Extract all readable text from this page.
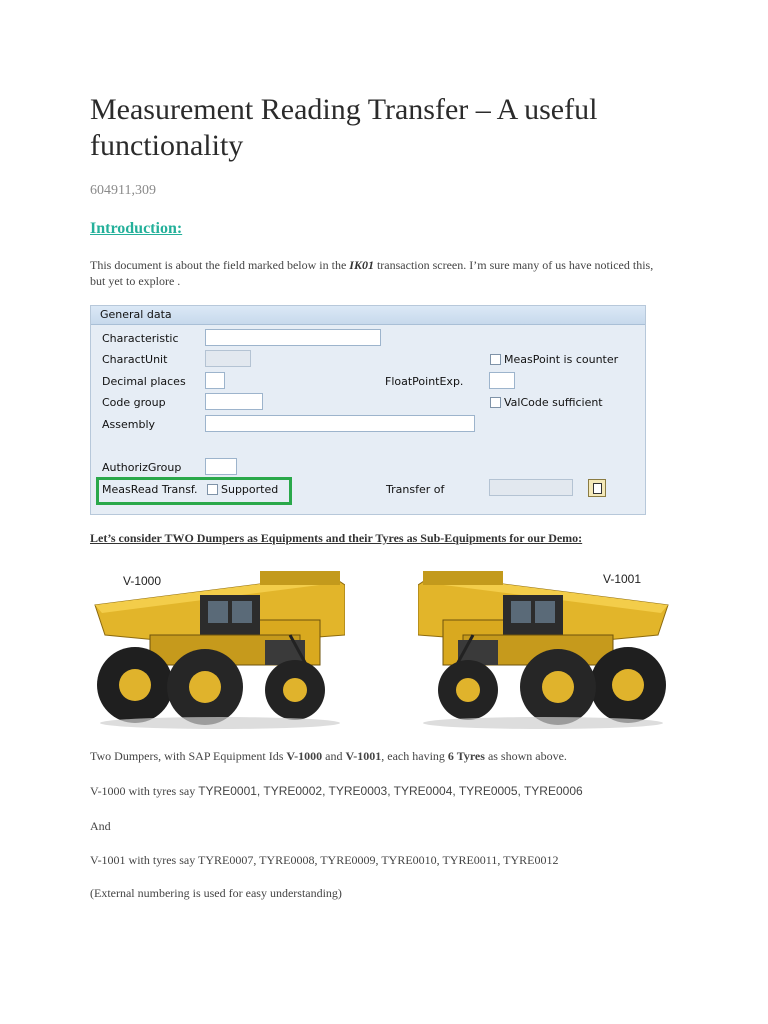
Measurement Reading Transfer – A useful functionality
604911,309
Introduction:
This document is about the field marked below in the IK01 transaction screen. I’m sure many of us have noticed this, but yet to explore .
General data
Characteristic
CharactUnit	MeasPoint is counter
Decimal places	FloatPointExp.
Code group	ValCode sufficient
Assembly
AuthorizGroup
MeasRead Transf. Supported	Transfer of
Let’s consider TWO Dumpers as Equipments and their Tyres as Sub-Equipments for our Demo:
V-1000	V-1001
Two Dumpers, with SAP Equipment Ids V-1000 and V-1001, each having 6 Tyres as shown above.
V-1000 with tyres say TYRE0001, TYRE0002, TYRE0003, TYRE0004, TYRE0005, TYRE0006
And
V-1001 with tyres say TYRE0007, TYRE0008, TYRE0009, TYRE0010, TYRE0011, TYRE0012
(External numbering is used for easy understanding)
